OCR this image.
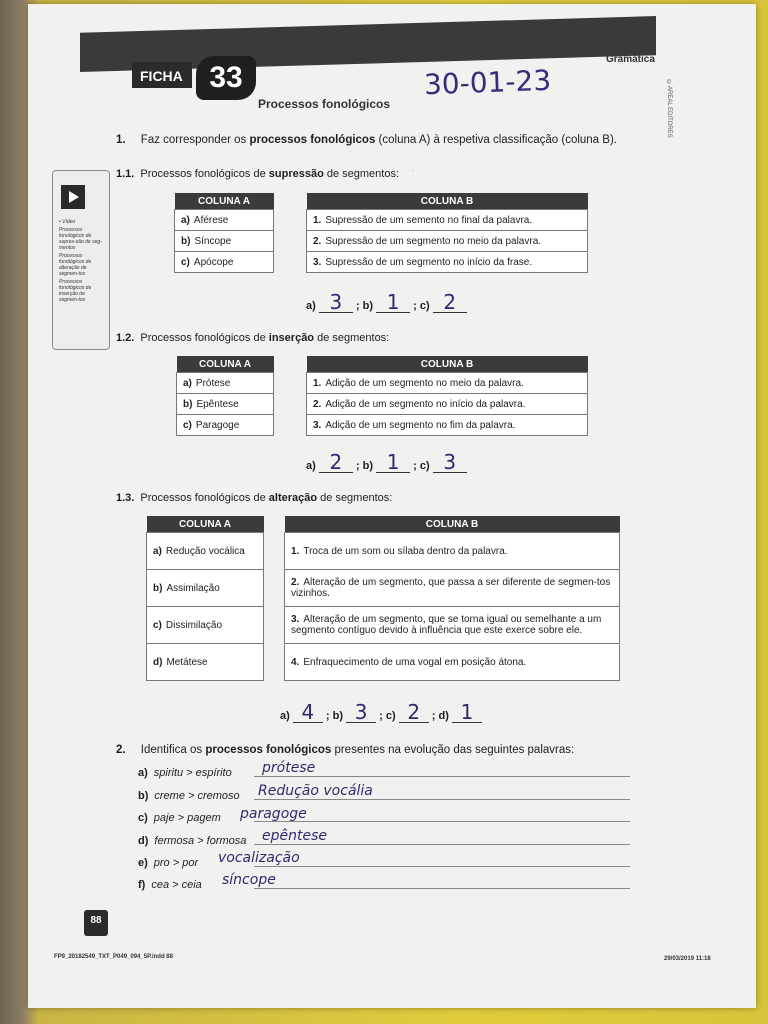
FICHA 33
Processos fonológicos
Gramática
30-01-23	©AREAL EDITORES
1. Faz corresponder os processos fonológicos (coluna A) à respetiva classificação (coluna B).
• Vídeo
Processos fonológicos de supres-são de seg-mentos
Processos fonológicos de alteração de segmen-tos
Processos fonológicos de inserção de segmen-tos
1.1. Processos fonológicos de supressão de segmentos: ·
COLUNA A
a) Aférese
b) Síncope
c) Apócope
COLUNA B
1. Supressão de um semento no final da palavra.
2. Supressão de um segmento no meio da palavra.
3. Supressão de um segmento no início da frase.
a) 3 ; b) 1 ; c) 2
1.2. Processos fonológicos de inserção de segmentos:
COLUNA A
a) Prótese
b) Epêntese
c) Paragoge
COLUNA B
1. Adição de um segmento no meio da palavra.
2. Adição de um segmento no início da palavra.
3. Adição de um segmento no fim da palavra.
a) 2 ; b) 1 ; c) 3
1.3. Processos fonológicos de alteração de segmentos:
COLUNA A
a) Redução vocálica
b) Assimilação
c) Dissimilação
d) Metátese
COLUNA B
1. Troca de um som ou sílaba dentro da palavra.
2. Alteração de um segmento, que passa a ser diferente de segmen-tos vizinhos.
3. Alteração de um segmento, que se torna igual ou semelhante a um segmento contíguo devido à influência que este exerce sobre ele.
4. Enfraquecimento de uma vogal em posição átona.
a) 4 ; b) 3 ; c) 2 ; d) 1
2. Identifica os processos fonológicos presentes na evolução das seguintes palavras:
a) spiritu > espírito prótese
b) creme > cremoso Redução vocália
c) paje > pagem paragoge
d) fermosa > formosa epêntese
e) pro > por vocalização
f) cea > ceia síncope
88
FP9_20182549_TXT_P049_094_5P.indd 88	29/03/2019 11:18
